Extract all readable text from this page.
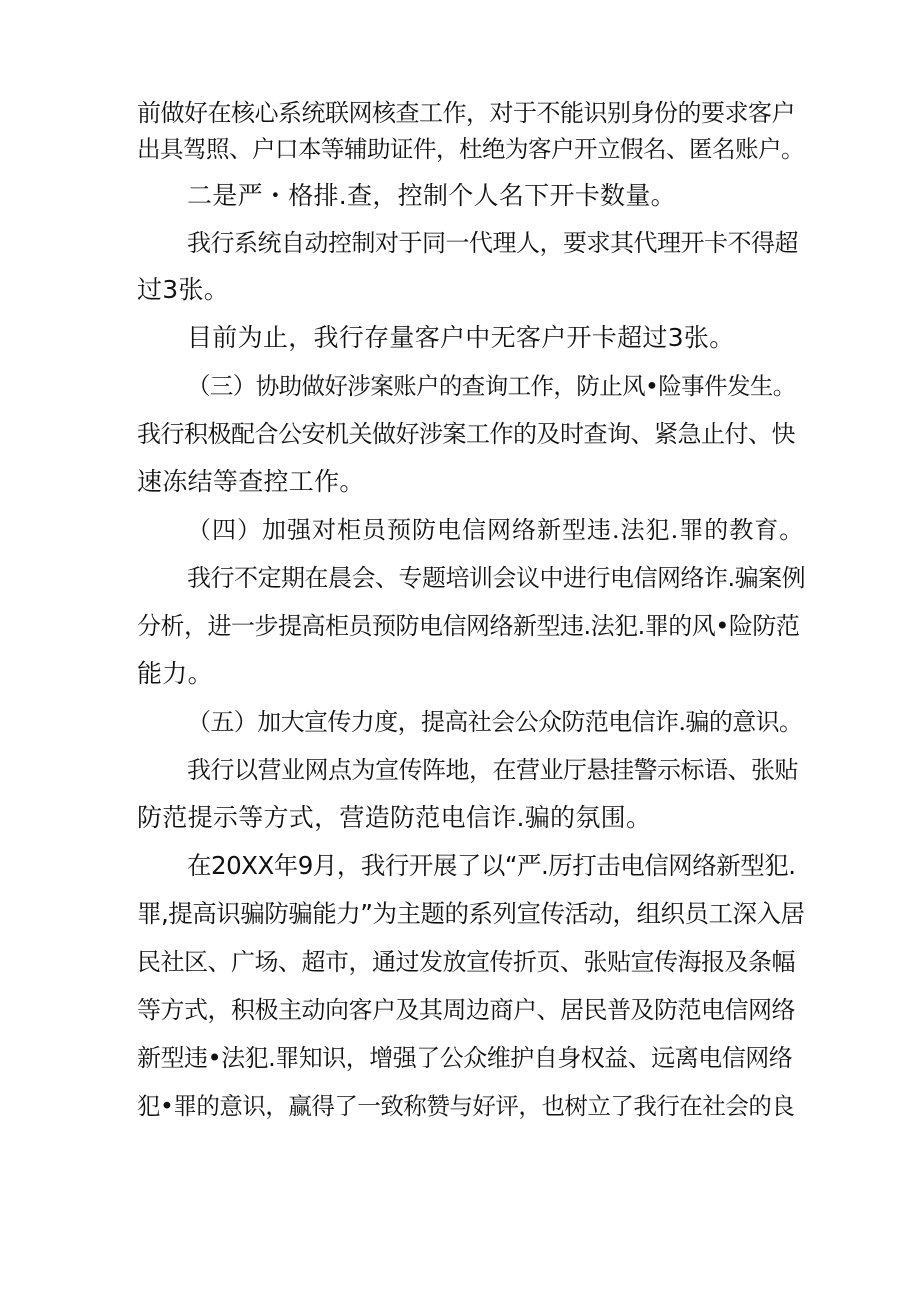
前做好在核心系统联网核查工作，对于不能识别身份的要求客户
出具驾照、户口本等辅助证件，杜绝为客户开立假名、匿名账户。
二是严・格排.查，控制个人名下开卡数量。
我行系统自动控制对于同一代理人，要求其代理开卡不得超
过3张。
目前为止，我行存量客户中无客户开卡超过3张。
（三）协助做好涉案账户的查询工作，防止风•险事件发生。
我行积极配合公安机关做好涉案工作的及时查询、紧急止付、快
速冻结等查控工作。
（四）加强对柜员预防电信网络新型违.法犯.罪的教育。
我行不定期在晨会、专题培训会议中进行电信网络诈.骗案例
分析，进一步提高柜员预防电信网络新型违.法犯.罪的风•险防范
能力。
（五）加大宣传力度，提高社会公众防范电信诈.骗的意识。
我行以营业网点为宣传阵地，在营业厅悬挂警示标语、张贴
防范提示等方式，营造防范电信诈.骗的氛围。
在20XX年9月，我行开展了以“严.厉打击电信网络新型犯.
罪,提高识骗防骗能力”为主题的系列宣传活动，组织员工深入居
民社区、广场、超市，通过发放宣传折页、张贴宣传海报及条幅
等方式，积极主动向客户及其周边商户、居民普及防范电信网络
新型违•法犯.罪知识，增强了公众维护自身权益、远离电信网络
犯•罪的意识，赢得了一致称赞与好评，也树立了我行在社会的良
